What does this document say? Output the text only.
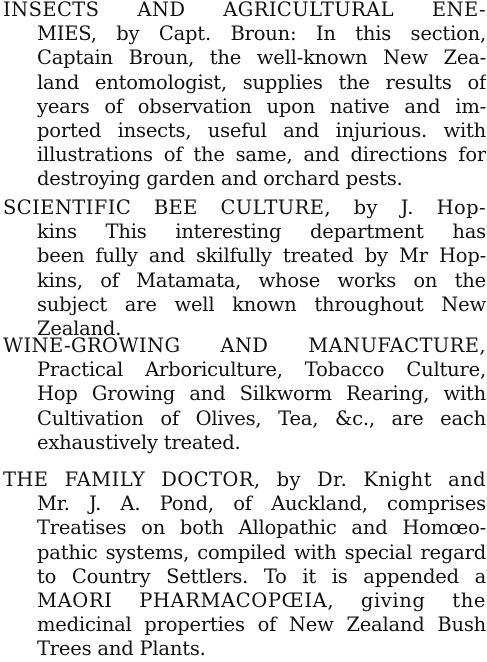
INSECTS AND AGRICULTURAL ENE-
MIES, by Capt. Broun: In this section,
Captain Broun, the well-known New Zea-
land entomologist, supplies the results of
years of observation upon native and im-
ported insects, useful and injurious. with
illustrations of the same, and directions for
destroying garden and orchard pests.
SCIENTIFIC BEE CULTURE, by J. Hop-
kins This interesting department has
been fully and skilfully treated by Mr Hop-
kins, of Matamata, whose works on the
subject are well known throughout New
Zealand.
WINE-GROWING AND MANUFACTURE,
Practical Arboriculture, Tobacco Culture,
Hop Growing and Silkworm Rearing, with
Cultivation of Olives, Tea, &c., are each
exhaustively treated.
THE FAMILY DOCTOR, by Dr. Knight and
Mr. J. A. Pond, of Auckland, comprises
Treatises on both Allopathic and Homœo-
pathic systems, compiled with special regard
to Country Settlers. To it is appended a
MAORI PHARMACOPŒIA, giving the
medicinal properties of New Zealand Bush
Trees and Plants.
